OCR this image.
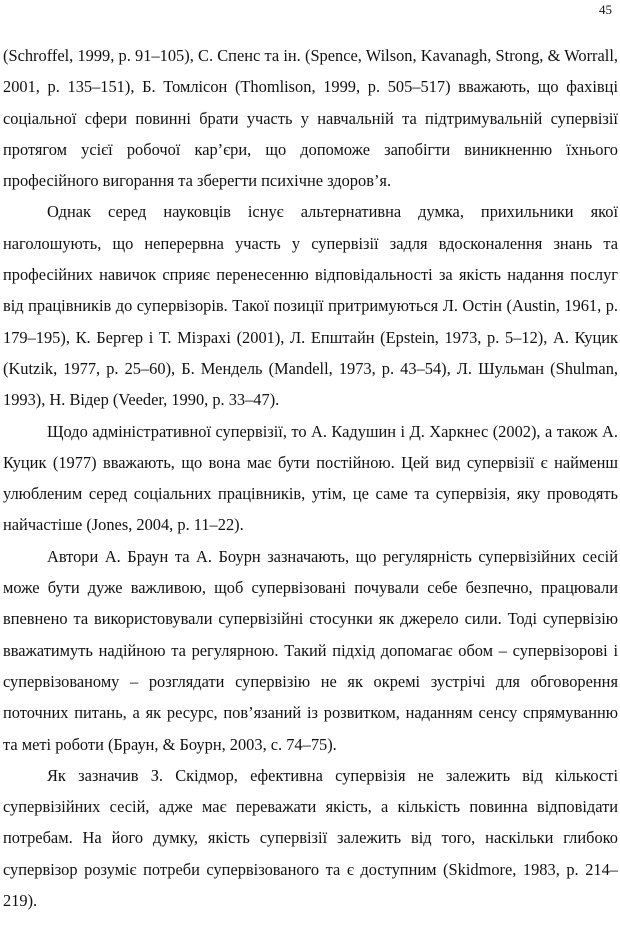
45

(Schroffel, 1999, p. 91–105), С. Спенс та ін. (Spence, Wilson, Kavanagh, Strong, & Worrall, 2001, p. 135–151), Б. Томлісон (Thomlison, 1999, p. 505–517) вважають, що фахівці соціальної сфери повинні брати участь у навчальній та підтримувальній супервізії протягом усієї робочої кар’єри, що допоможе запобігти виникненню їхнього професійного вигорання та зберегти психічне здоров’я.

Однак серед науковців існує альтернативна думка, прихильники якої наголошують, що неперервна участь у супервізії задля вдосконалення знань та професійних навичок сприяє перенесенню відповідальності за якість надання послуг від працівників до супервізорів. Такої позиції притримуються Л. Остін (Austin, 1961, p. 179–195), К. Бергер і Т. Мізрахі (2001), Л. Епштайн (Epstein, 1973, p. 5–12), А. Куцик (Kutzik, 1977, p. 25–60), Б. Мендель (Mandell, 1973, p. 43–54), Л. Шульман (Shulman, 1993), Н. Відер (Veeder, 1990, p. 33–47).

Щодо адміністративної супервізії, то А. Кадушин і Д. Харкнес (2002), а також А. Куцик (1977) вважають, що вона має бути постійною. Цей вид супервізії є найменш улюбленим серед соціальних працівників, утім, це саме та супервізія, яку проводять найчастіше (Jones, 2004, p. 11–22).

Автори А. Браун та А. Боурн зазначають, що регулярність супервізійних сесій може бути дуже важливою, щоб супервізовані почували себе безпечно, працювали впевнено та використовували супервізійні стосунки як джерело сили. Тоді супервізію вважатимуть надійною та регулярною. Такий підхід допомагає обом – супервізорові і супервізованому – розглядати супервізію не як окремі зустрічі для обговорення поточних питань, а як ресурс, пов’язаний із розвитком, наданням сенсу спрямуванню та меті роботи (Браун, & Боурн, 2003, с. 74–75).

Як зазначив З. Скідмор, ефективна супервізія не залежить від кількості супервізійних сесій, адже має переважати якість, а кількість повинна відповідати потребам. На його думку, якість супервізії залежить від того, наскільки глибоко супервізор розуміє потреби супервізованого та є доступним (Skidmore, 1983, p. 214–219).
